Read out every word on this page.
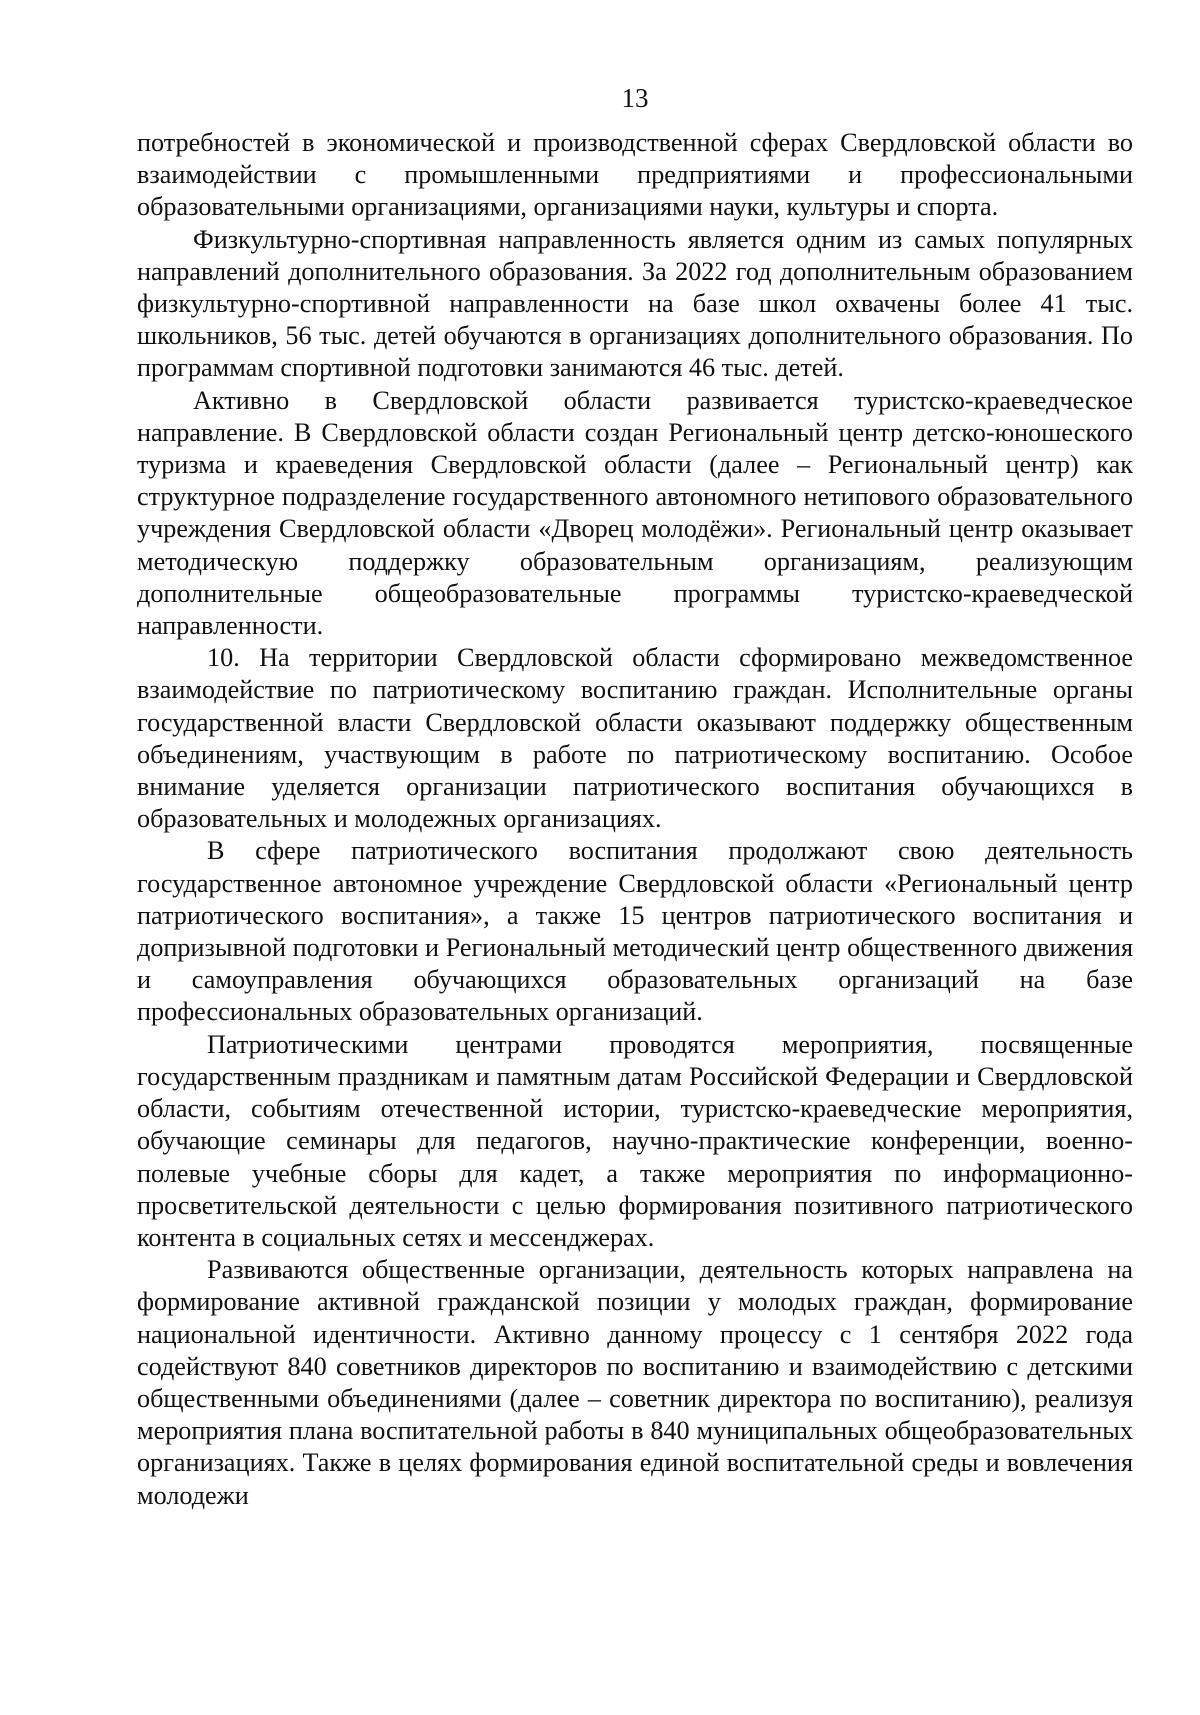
13

потребностей в экономической и производственной сферах Свердловской области во взаимодействии с промышленными предприятиями и профессиональными образовательными организациями, организациями науки, культуры и спорта.

Физкультурно-спортивная направленность является одним из самых популярных направлений дополнительного образования. За 2022 год дополнительным образованием физкультурно-спортивной направленности на базе школ охвачены более 41 тыс. школьников, 56 тыс. детей обучаются в организациях дополнительного образования. По программам спортивной подготовки занимаются 46 тыс. детей.

Активно в Свердловской области развивается туристско-краеведческое направление. В Свердловской области создан Региональный центр детско-юношеского туризма и краеведения Свердловской области (далее – Региональный центр) как структурное подразделение государственного автономного нетипового образовательного учреждения Свердловской области «Дворец молодёжи». Региональный центр оказывает методическую поддержку образовательным организациям, реализующим дополнительные общеобразовательные программы туристско-краеведческой направленности.

10. На территории Свердловской области сформировано межведомственное взаимодействие по патриотическому воспитанию граждан. Исполнительные органы государственной власти Свердловской области оказывают поддержку общественным объединениям, участвующим в работе по патриотическому воспитанию. Особое внимание уделяется организации патриотического воспитания обучающихся в образовательных и молодежных организациях.

В сфере патриотического воспитания продолжают свою деятельность государственное автономное учреждение Свердловской области «Региональный центр патриотического воспитания», а также 15 центров патриотического воспитания и допризывной подготовки и Региональный методический центр общественного движения и самоуправления обучающихся образовательных организаций на базе профессиональных образовательных организаций.

Патриотическими центрами проводятся мероприятия, посвященные государственным праздникам и памятным датам Российской Федерации и Свердловской области, событиям отечественной истории, туристско-краеведческие мероприятия, обучающие семинары для педагогов, научно-практические конференции, военно-полевые учебные сборы для кадет, а также мероприятия по информационно-просветительской деятельности с целью формирования позитивного патриотического контента в социальных сетях и мессенджерах.

Развиваются общественные организации, деятельность которых направлена на формирование активной гражданской позиции у молодых граждан, формирование национальной идентичности. Активно данному процессу с 1 сентября 2022 года содействуют 840 советников директоров по воспитанию и взаимодействию с детскими общественными объединениями (далее – советник директора по воспитанию), реализуя мероприятия плана воспитательной работы в 840 муниципальных общеобразовательных организациях. Также в целях формирования единой воспитательной среды и вовлечения молодежи
